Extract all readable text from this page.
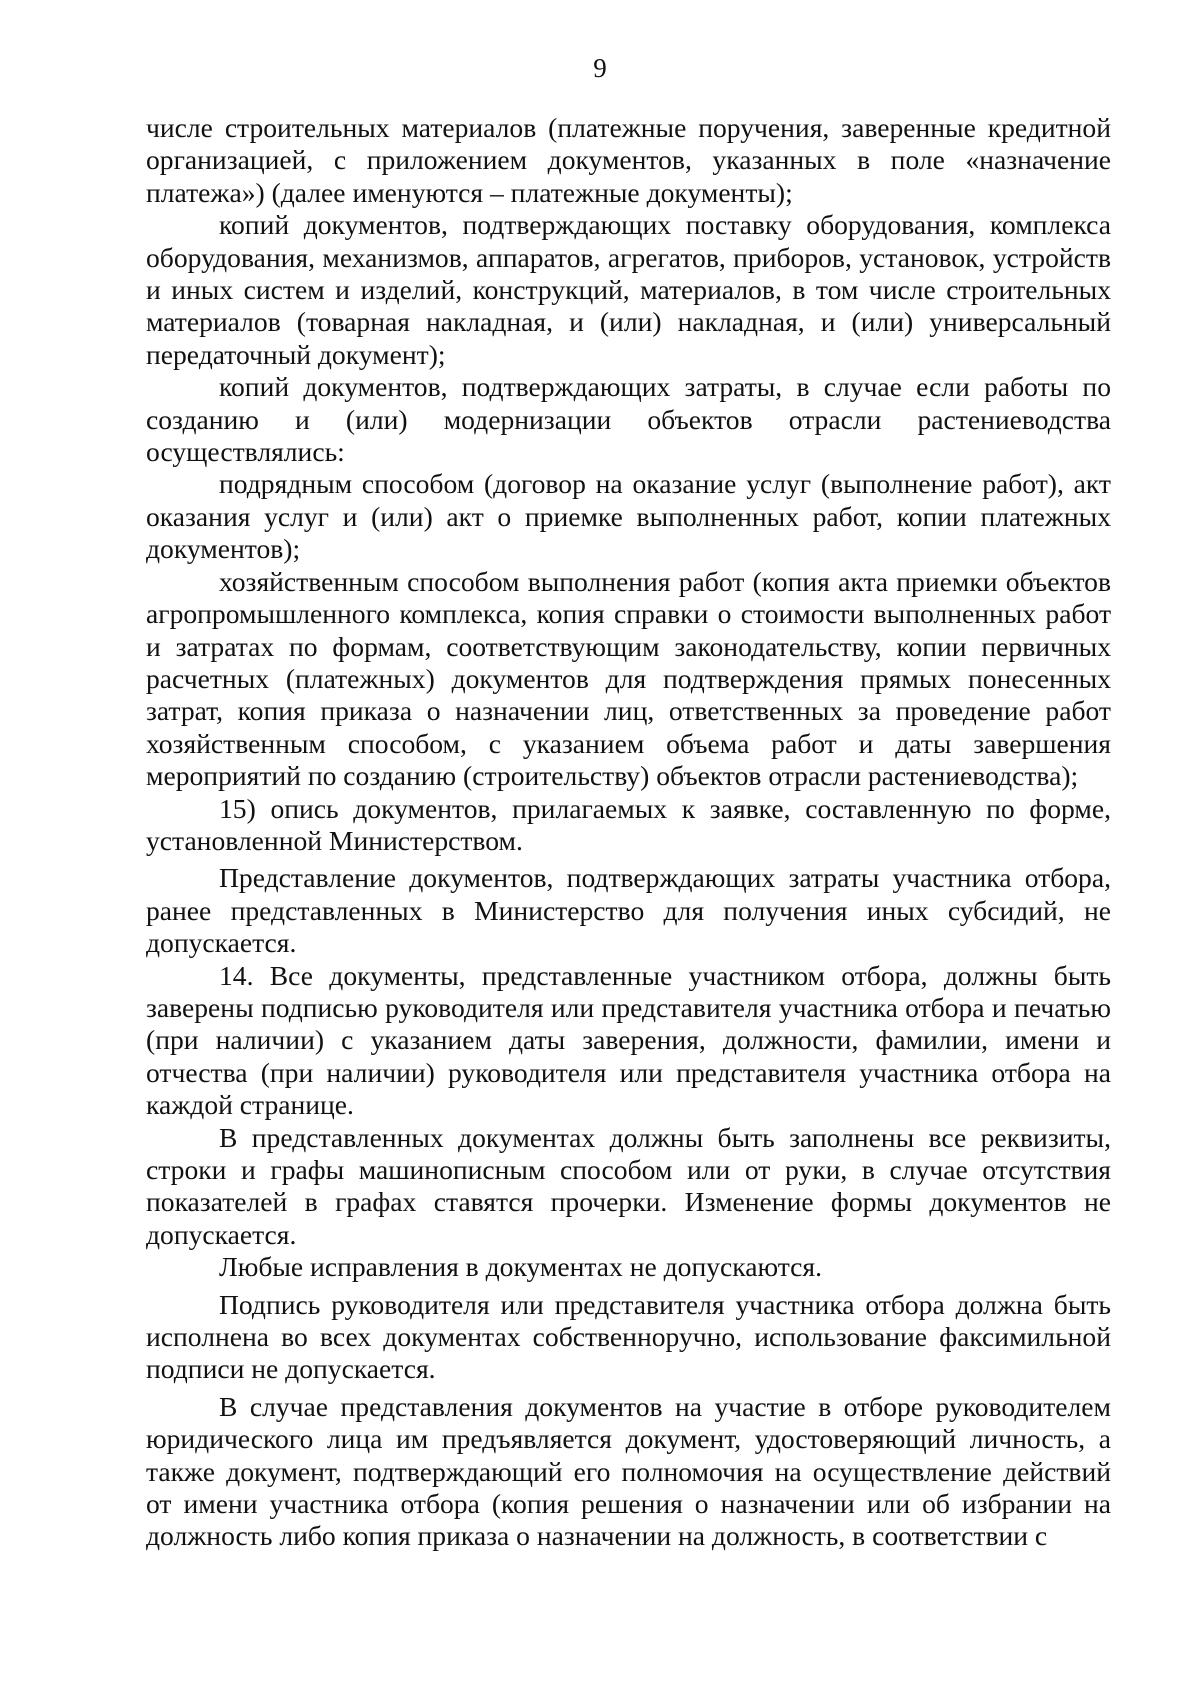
9

числе строительных материалов (платежные поручения, заверенные кредитной организацией, с приложением документов, указанных в поле «назначение платежа») (далее именуются – платежные документы);

копий документов, подтверждающих поставку оборудования, комплекса оборудования, механизмов, аппаратов, агрегатов, приборов, установок, устройств и иных систем и изделий, конструкций, материалов, в том числе строительных материалов (товарная накладная, и (или) накладная, и (или) универсальный передаточный документ);

копий документов, подтверждающих затраты, в случае если работы по созданию и (или) модернизации объектов отрасли растениеводства осуществлялись:

подрядным способом (договор на оказание услуг (выполнение работ), акт оказания услуг и (или) акт о приемке выполненных работ, копии платежных документов);

хозяйственным способом выполнения работ (копия акта приемки объектов агропромышленного комплекса, копия справки о стоимости выполненных работ и затратах по формам, соответствующим законодательству, копии первичных расчетных (платежных) документов для подтверждения прямых понесенных затрат, копия приказа о назначении лиц, ответственных за проведение работ хозяйственным способом, с указанием объема работ и даты завершения мероприятий по созданию (строительству) объектов отрасли растениеводства);

15) опись документов, прилагаемых к заявке, составленную по форме, установленной Министерством.

Представление документов, подтверждающих затраты участника отбора, ранее представленных в Министерство для получения иных субсидий, не допускается.

14. Все документы, представленные участником отбора, должны быть заверены подписью руководителя или представителя участника отбора и печатью (при наличии) с указанием даты заверения, должности, фамилии, имени и отчества (при наличии) руководителя или представителя участника отбора на каждой странице.

В представленных документах должны быть заполнены все реквизиты, строки и графы машинописным способом или от руки, в случае отсутствия показателей в графах ставятся прочерки. Изменение формы документов не допускается.

Любые исправления в документах не допускаются.

Подпись руководителя или представителя участника отбора должна быть исполнена во всех документах собственноручно, использование факсимильной подписи не допускается.

В случае представления документов на участие в отборе руководителем юридического лица им предъявляется документ, удостоверяющий личность, а также документ, подтверждающий его полномочия на осуществление действий от имени участника отбора (копия решения о назначении или об избрании на должность либо копия приказа о назначении на должность, в соответствии с
